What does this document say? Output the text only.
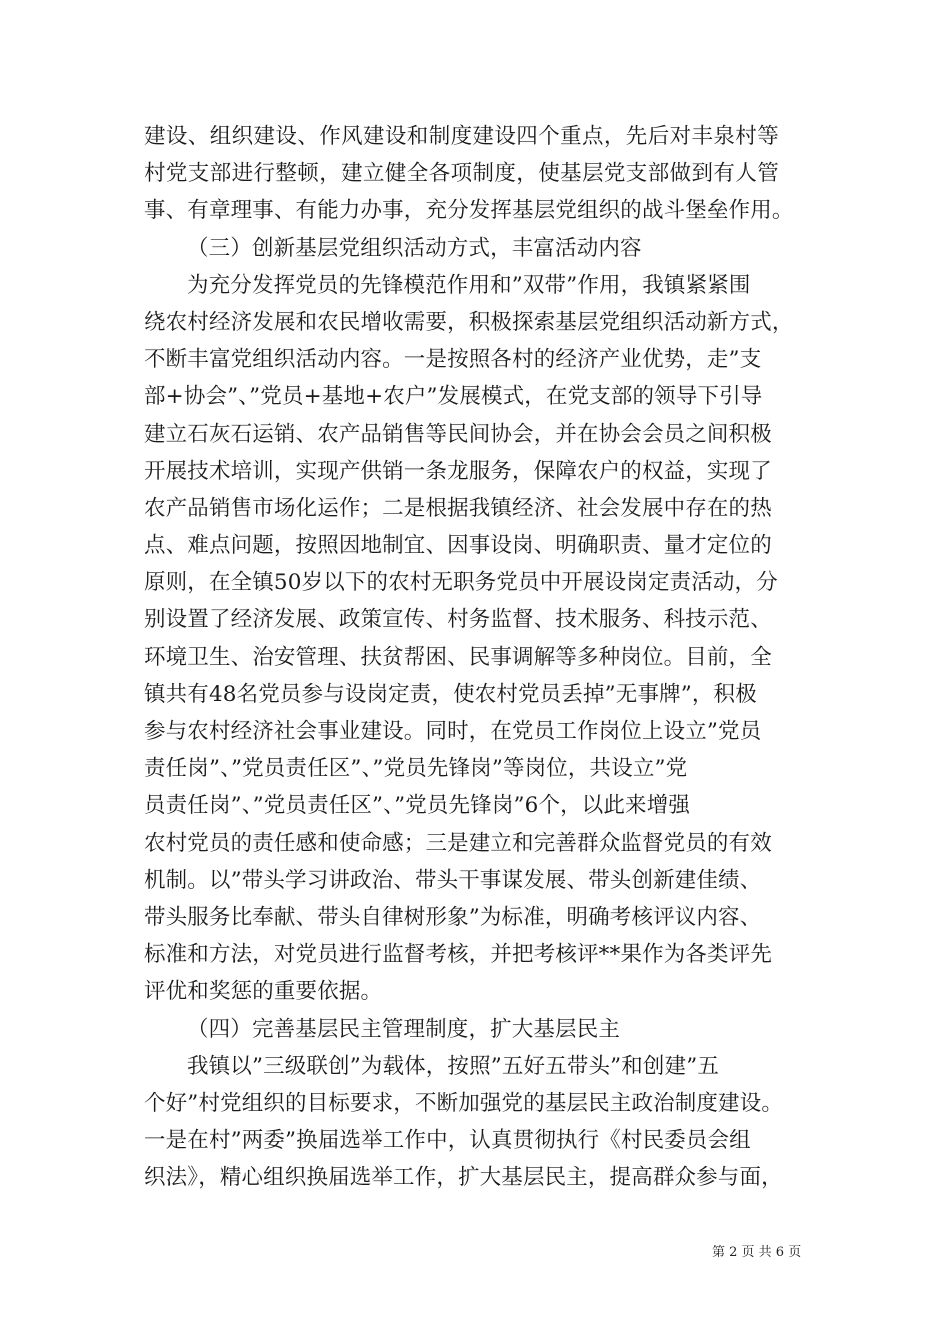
建设、组织建设、作风建设和制度建设四个重点，先后对丰泉村等
村党支部进行整顿，建立健全各项制度，使基层党支部做到有人管
事、有章理事、有能力办事，充分发挥基层党组织的战斗堡垒作用。
（三）创新基层党组织活动方式，丰富活动内容
为充分发挥党员的先锋模范作用和”双带”作用，我镇紧紧围
绕农村经济发展和农民增收需要，积极探索基层党组织活动新方式，
不断丰富党组织活动内容。一是按照各村的经济产业优势，走”支
部+协会”、”党员+基地+农户”发展模式，在党支部的领导下引导
建立石灰石运销、农产品销售等民间协会，并在协会会员之间积极
开展技术培训，实现产供销一条龙服务，保障农户的权益，实现了
农产品销售市场化运作；二是根据我镇经济、社会发展中存在的热
点、难点问题，按照因地制宜、因事设岗、明确职责、量才定位的
原则，在全镇50岁以下的农村无职务党员中开展设岗定责活动，分
别设置了经济发展、政策宣传、村务监督、技术服务、科技示范、
环境卫生、治安管理、扶贫帮困、民事调解等多种岗位。目前，全
镇共有48名党员参与设岗定责，使农村党员丢掉”无事牌”，积极
参与农村经济社会事业建设。同时，在党员工作岗位上设立”党员
责任岗”、”党员责任区”、”党员先锋岗”等岗位，共设立”党
员责任岗”、”党员责任区”、”党员先锋岗”6个，以此来增强
农村党员的责任感和使命感；三是建立和完善群众监督党员的有效
机制。以”带头学习讲政治、带头干事谋发展、带头创新建佳绩、
带头服务比奉献、带头自律树形象”为标准，明确考核评议内容、
标准和方法，对党员进行监督考核，并把考核评**果作为各类评先
评优和奖惩的重要依据。
（四）完善基层民主管理制度，扩大基层民主
我镇以”三级联创”为载体，按照”五好五带头”和创建”五
个好”村党组织的目标要求，不断加强党的基层民主政治制度建设。
一是在村”两委”换届选举工作中，认真贯彻执行《村民委员会组
织法》，精心组织换届选举工作，扩大基层民主，提高群众参与面，
第 2 页 共 6 页
